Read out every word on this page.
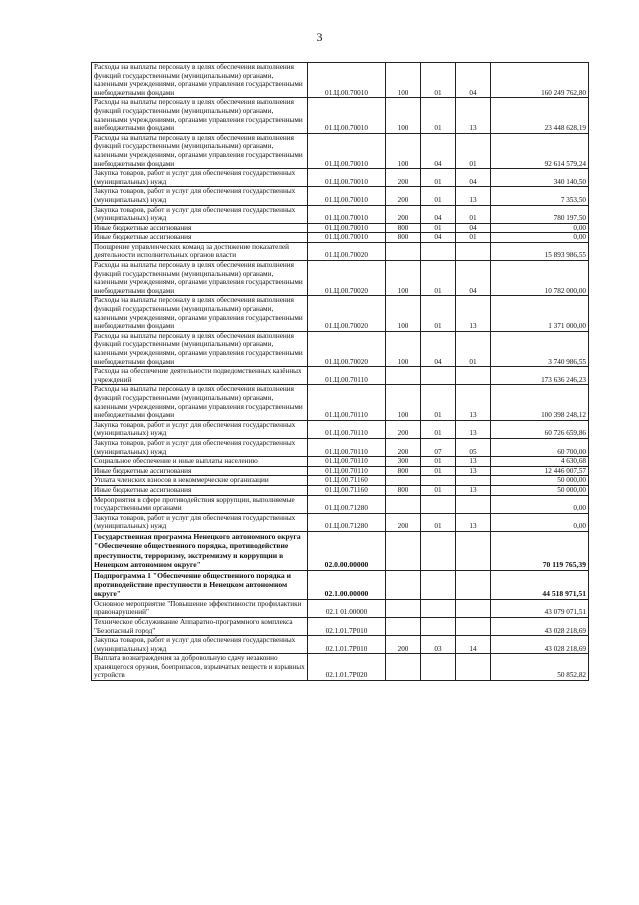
3
Расходы на выплаты персоналу в целях обеспечения выполнения функций государственными (муниципальными) органами, казенными учреждениями, органами управления государственными внебюджетными фондами	01.Ц.00.70010	100	01	04	160 249 762,80
Расходы на выплаты персоналу в целях обеспечения выполнения функций государственными (муниципальными) органами, казенными учреждениями, органами управления государственными внебюджетными фондами	01.Ц.00.70010	100	01	13	23 448 628,19
Расходы на выплаты персоналу в целях обеспечения выполнения функций государственными (муниципальными) органами, казенными учреждениями, органами управления государственными внебюджетными фондами	01.Ц.00.70010	100	04	01	92 614 579,24
Закупка товаров, работ и услуг для обеспечения государственных (муниципальных) нужд	01.Ц.00.70010	200	01	04	340 140,50
Закупка товаров, работ и услуг для обеспечения государственных (муниципальных) нужд	01.Ц.00.70010	200	01	13	7 353,50
Закупка товаров, работ и услуг для обеспечения государственных (муниципальных) нужд	01.Ц.00.70010	200	04	01	780 197,50
Иные бюджетные ассигнования	01.Ц.00.70010	800	01	04	0,00
Иные бюджетные ассигнования	01.Ц.00.70010	800	04	01	0,00
Поощрение управленческих команд за достижение показателей деятельности исполнительных органов власти	01.Ц.00.70020				15 893 986,55
Расходы на выплаты персоналу в целях обеспечения выполнения функций государственными (муниципальными) органами, казенными учреждениями, органами управления государственными внебюджетными фондами	01.Ц.00.70020	100	01	04	10 782 000,00
Расходы на выплаты персоналу в целях обеспечения выполнения функций государственными (муниципальными) органами, казенными учреждениями, органами управления государственными внебюджетными фондами	01.Ц.00.70020	100	01	13	1 371 000,00
Расходы на выплаты персоналу в целях обеспечения выполнения функций государственными (муниципальными) органами, казенными учреждениями, органами управления государственными внебюджетными фондами	01.Ц.00.70020	100	04	01	3 740 986,55
Расходы на обеспечение деятельности подведомственных казённых учреждений	01.Ц.00.70110				173 636 246,23
Расходы на выплаты персоналу в целях обеспечения выполнения функций государственными (муниципальными) органами, казенными учреждениями, органами управления государственными внебюджетными фондами	01.Ц.00.70110	100	01	13	100 398 248,12
Закупка товаров, работ и услуг для обеспечения государственных (муниципальных) нужд	01.Ц.00.70110	200	01	13	60 726 659,86
Закупка товаров, работ и услуг для обеспечения государственных (муниципальных) нужд	01.Ц.00.70110	200	07	05	60 700,00
Социальное обеспечение и иные выплаты населению	01.Ц.00.70110	300	01	13	4 630,68
Иные бюджетные ассигнования	01.Ц.00.70110	800	01	13	12 446 007,57
Уплата членских взносов в некоммерческие организации	01.Ц.00.71160				50 000,00
Иные бюджетные ассигнования	01.Ц.00.71160	800	01	13	50 000,00
Мероприятия в сфере противодействия коррупции, выполняемые государственными органами	01.Ц.00.71280				0,00
Закупка товаров, работ и услуг для обеспечения государственных (муниципальных) нужд	01.Ц.00.71280	200	01	13	0,00
Государственная программа Ненецкого автономного округа "Обеспечение общественного порядка, противодействие преступности, терроризму, экстремизму и коррупции в Ненецком автономном округе"	02.0.00.00000				70 119 765,39
Подпрограмма 1 "Обеспечение общественного порядка и противодействие преступности в Ненецком автономном округе"	02.1.00.00000				44 518 971,51
Основное мероприятие "Повышение эффективности профилактики правонарушений"	02.1 01.00000				43 079 071,51
Техническое обслуживание Аппаратно-программного комплекса "Безопасный город"	02.1.01.7Р010				43 028 218,69
Закупка товаров, работ и услуг для обеспечения государственных (муниципальных) нужд	02.1.01.7Р010	200	03	14	43 028 218,69
Выплата вознаграждения за добровольную сдачу незаконно хранящегося оружия, боеприпасов, взрывчатых веществ и взрывных устройств	02.1.01.7Р020				50 852,82
